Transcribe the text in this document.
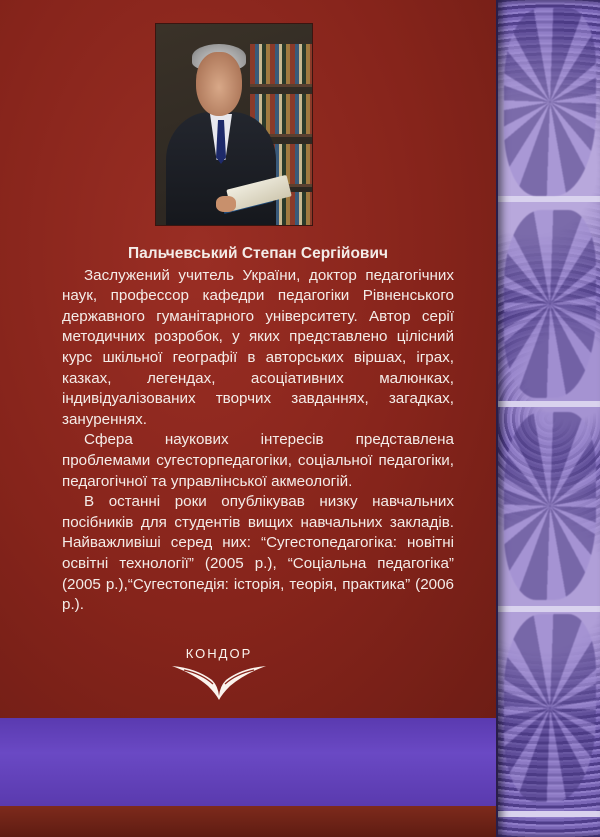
Пальчевський Степан Сергійович

Заслужений учитель України, доктор педагогічних наук, профессор кафедри педагогіки Рівненського державного гуманітарного університету. Автор серії методичних розробок, у яких представлено цілісний курс шкільної географії в авторських віршах, іграх, казках, легендах, асоціативних малюнках, індивідуалізованих творчих завданнях, загадках, зануреннях.

Сфера наукових інтересів представлена проблемами сугесторпедагогіки, соціальної педагогіки, педагогічної та управлінської акмеологій.

В останні роки опублікував низку навчальних посібників для студентів вищих навчальних закладів. Найважливіші серед них: “Сугестопедагогіка: новітні освітні технології” (2005 р.), “Соціальна педагогіка” (2005 р.),“Сугестопедія: історія, теорія, практика” (2006 р.).

КОНДОР
